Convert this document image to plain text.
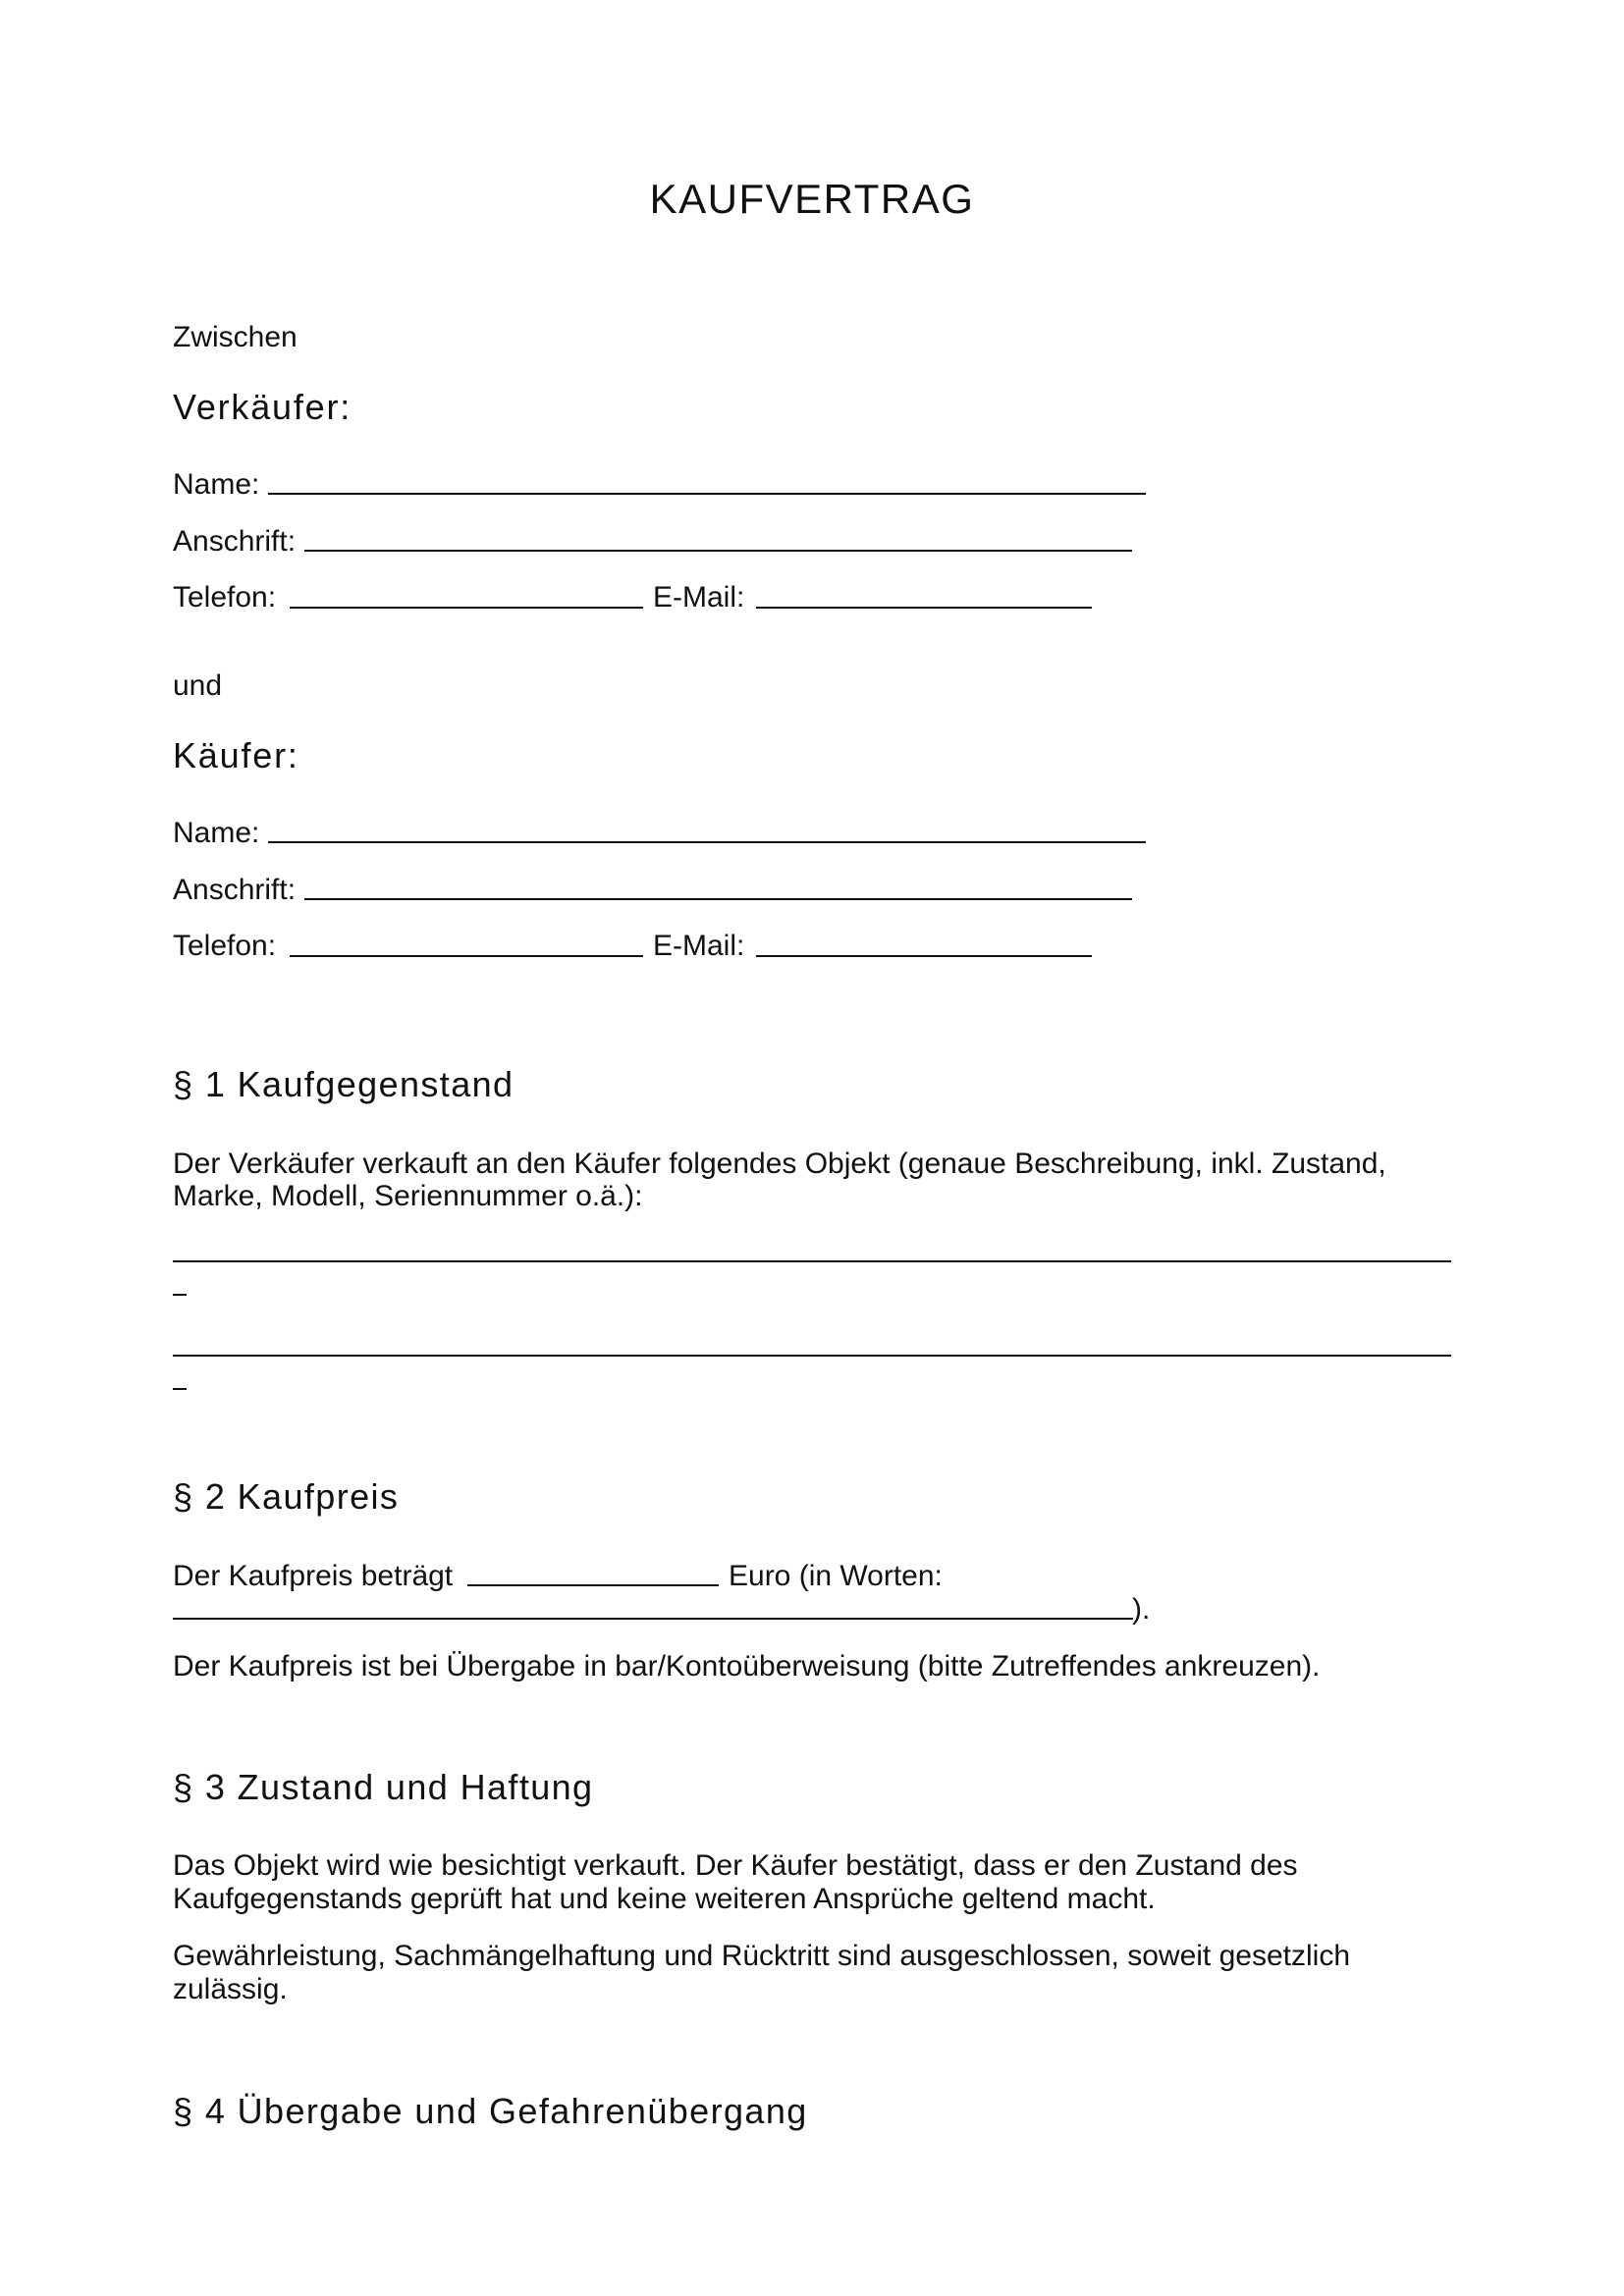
KAUFVERTRAG
Zwischen
Verkäufer:
Name:
Anschrift:
Telefon:	E-Mail:
und
Käufer:
Name:
Anschrift:
Telefon:	E-Mail:
§ 1 Kaufgegenstand
Der Verkäufer verkauft an den Käufer folgendes Objekt (genaue Beschreibung, inkl. Zustand,
Marke, Modell, Seriennummer o.ä.):
§ 2 Kaufpreis
Der Kaufpreis beträgt	Euro (in Worten:
).
Der Kaufpreis ist bei Übergabe in bar/Kontoüberweisung (bitte Zutreffendes ankreuzen).
§ 3 Zustand und Haftung
Das Objekt wird wie besichtigt verkauft. Der Käufer bestätigt, dass er den Zustand des
Kaufgegenstands geprüft hat und keine weiteren Ansprüche geltend macht.
Gewährleistung, Sachmängelhaftung und Rücktritt sind ausgeschlossen, soweit gesetzlich
zulässig.
§ 4 Übergabe und Gefahrenübergang
